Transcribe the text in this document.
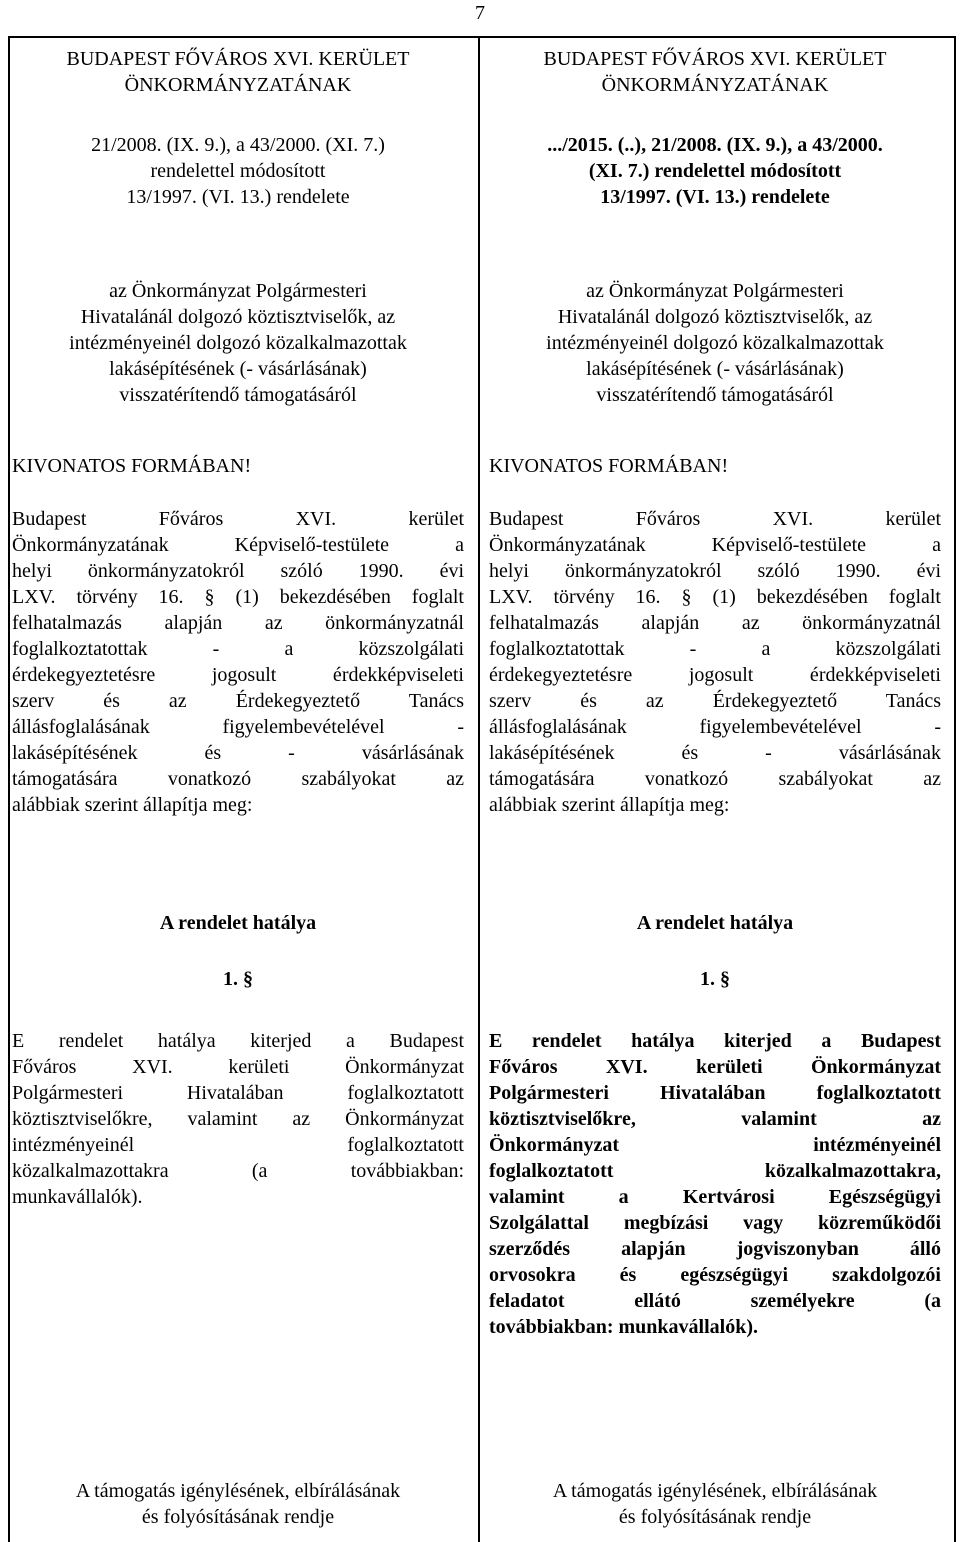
7
BUDAPEST FŐVÁROS XVI. KERÜLET
ÖNKORMÁNYZATÁNAK
21/2008. (IX. 9.), a 43/2000. (XI. 7.)
rendelettel módosított
13/1997. (VI. 13.) rendelete
az Önkormányzat Polgármesteri
Hivatalánál dolgozó köztisztviselők, az
intézményeinél dolgozó közalkalmazottak
lakásépítésének (- vásárlásának)
visszatérítendő támogatásáról
KIVONATOS FORMÁBAN!
Budapest Főváros XVI. kerület
Önkormányzatának Képviselő-testülete a
helyi önkormányzatokról szóló 1990. évi
LXV. törvény 16. § (1) bekezdésében foglalt
felhatalmazás alapján az önkormányzatnál
foglalkoztatottak - a közszolgálati
érdekegyeztetésre jogosult érdekképviseleti
szerv és az Érdekegyeztető Tanács
állásfoglalásának figyelembevételével -
lakásépítésének és - vásárlásának
támogatására vonatkozó szabályokat az
alábbiak szerint állapítja meg:
A rendelet hatálya
1. §
E rendelet hatálya kiterjed a Budapest
Főváros XVI. kerületi Önkormányzat
Polgármesteri Hivatalában foglalkoztatott
köztisztviselőkre, valamint az Önkormányzat
intézményeinél foglalkoztatott
közalkalmazottakra (a továbbiakban:
munkavállalók).
A támogatás igénylésének, elbírálásának
és folyósításának rendje
BUDAPEST FŐVÁROS XVI. KERÜLET
ÖNKORMÁNYZATÁNAK
.../2015. (..), 21/2008. (IX. 9.), a 43/2000.
(XI. 7.) rendelettel módosított
13/1997. (VI. 13.) rendelete
az Önkormányzat Polgármesteri
Hivatalánál dolgozó köztisztviselők, az
intézményeinél dolgozó közalkalmazottak
lakásépítésének (- vásárlásának)
visszatérítendő támogatásáról
KIVONATOS FORMÁBAN!
Budapest Főváros XVI. kerület
Önkormányzatának Képviselő-testülete a
helyi önkormányzatokról szóló 1990. évi
LXV. törvény 16. § (1) bekezdésében foglalt
felhatalmazás alapján az önkormányzatnál
foglalkoztatottak - a közszolgálati
érdekegyeztetésre jogosult érdekképviseleti
szerv és az Érdekegyeztető Tanács
állásfoglalásának figyelembevételével -
lakásépítésének és - vásárlásának
támogatására vonatkozó szabályokat az
alábbiak szerint állapítja meg:
A rendelet hatálya
1. §
E rendelet hatálya kiterjed a Budapest
Főváros XVI. kerületi Önkormányzat
Polgármesteri Hivatalában foglalkoztatott
köztisztviselőkre, valamint az
Önkormányzat intézményeinél
foglalkoztatott közalkalmazottakra,
valamint a Kertvárosi Egészségügyi
Szolgálattal megbízási vagy közreműködői
szerződés alapján jogviszonyban álló
orvosokra és egészségügyi szakdolgozói
feladatot ellátó személyekre (a
továbbiakban: munkavállalók).
A támogatás igénylésének, elbírálásának
és folyósításának rendje
